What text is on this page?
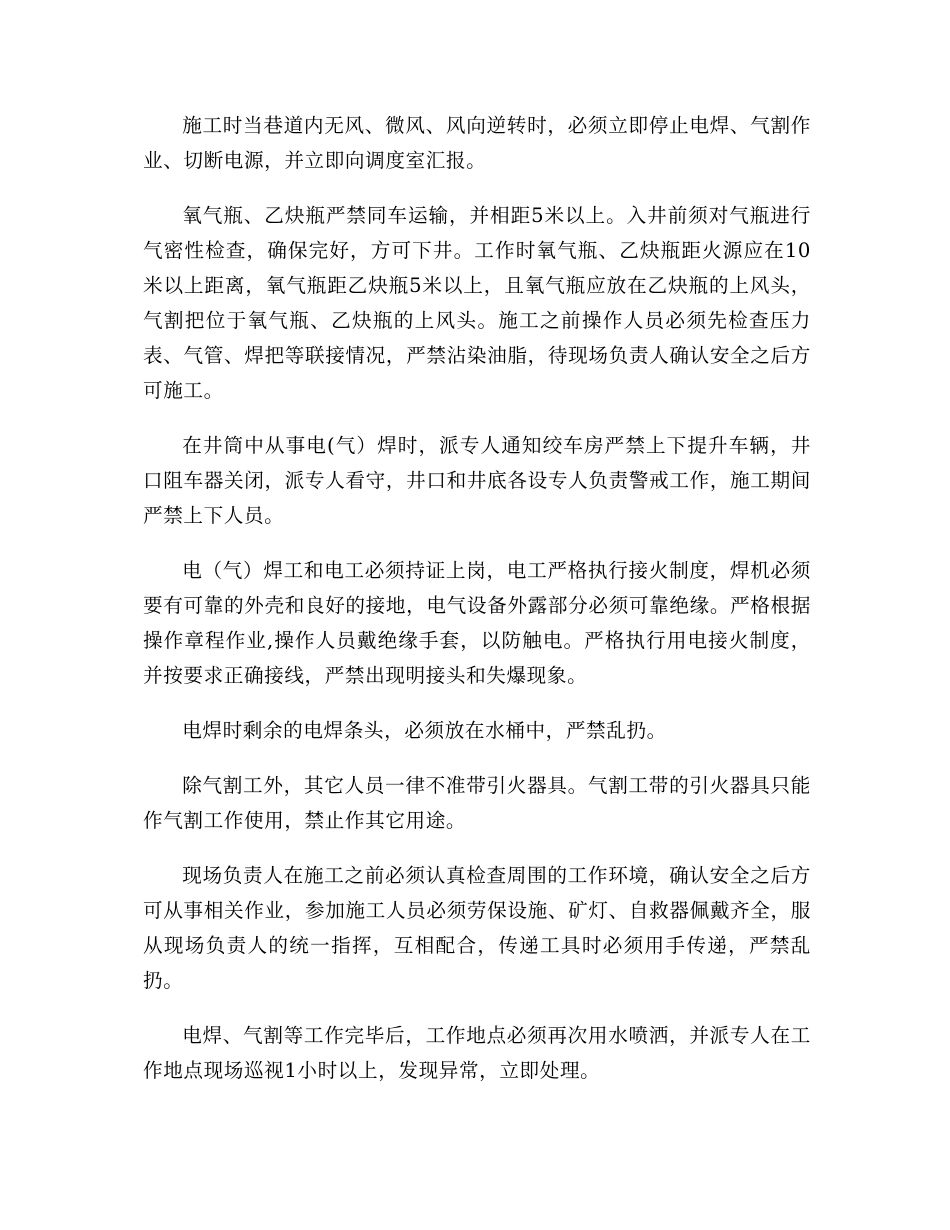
施工时当巷道内无风、微风、风向逆转时，必须立即停止电焊、气割作业、切断电源，并立即向调度室汇报。

氧气瓶、乙炔瓶严禁同车运输，并相距5米以上。入井前须对气瓶进行气密性检查，确保完好，方可下井。工作时氧气瓶、乙炔瓶距火源应在10米以上距离，氧气瓶距乙炔瓶5米以上，且氧气瓶应放在乙炔瓶的上风头，气割把位于氧气瓶、乙炔瓶的上风头。施工之前操作人员必须先检查压力表、气管、焊把等联接情况，严禁沾染油脂，待现场负责人确认安全之后方可施工。

在井筒中从事电(气）焊时，派专人通知绞车房严禁上下提升车辆，井口阻车器关闭，派专人看守，井口和井底各设专人负责警戒工作，施工期间严禁上下人员。

电（气）焊工和电工必须持证上岗，电工严格执行接火制度，焊机必须要有可靠的外壳和良好的接地，电气设备外露部分必须可靠绝缘。严格根据操作章程作业,操作人员戴绝缘手套，以防触电。严格执行用电接火制度，并按要求正确接线，严禁出现明接头和失爆现象。

电焊时剩余的电焊条头，必须放在水桶中，严禁乱扔。

除气割工外，其它人员一律不准带引火器具。气割工带的引火器具只能作气割工作使用，禁止作其它用途。

现场负责人在施工之前必须认真检查周围的工作环境，确认安全之后方可从事相关作业，参加施工人员必须劳保设施、矿灯、自救器佩戴齐全，服从现场负责人的统一指挥，互相配合，传递工具时必须用手传递，严禁乱扔。

电焊、气割等工作完毕后，工作地点必须再次用水喷洒，并派专人在工作地点现场巡视1小时以上，发现异常，立即处理。
